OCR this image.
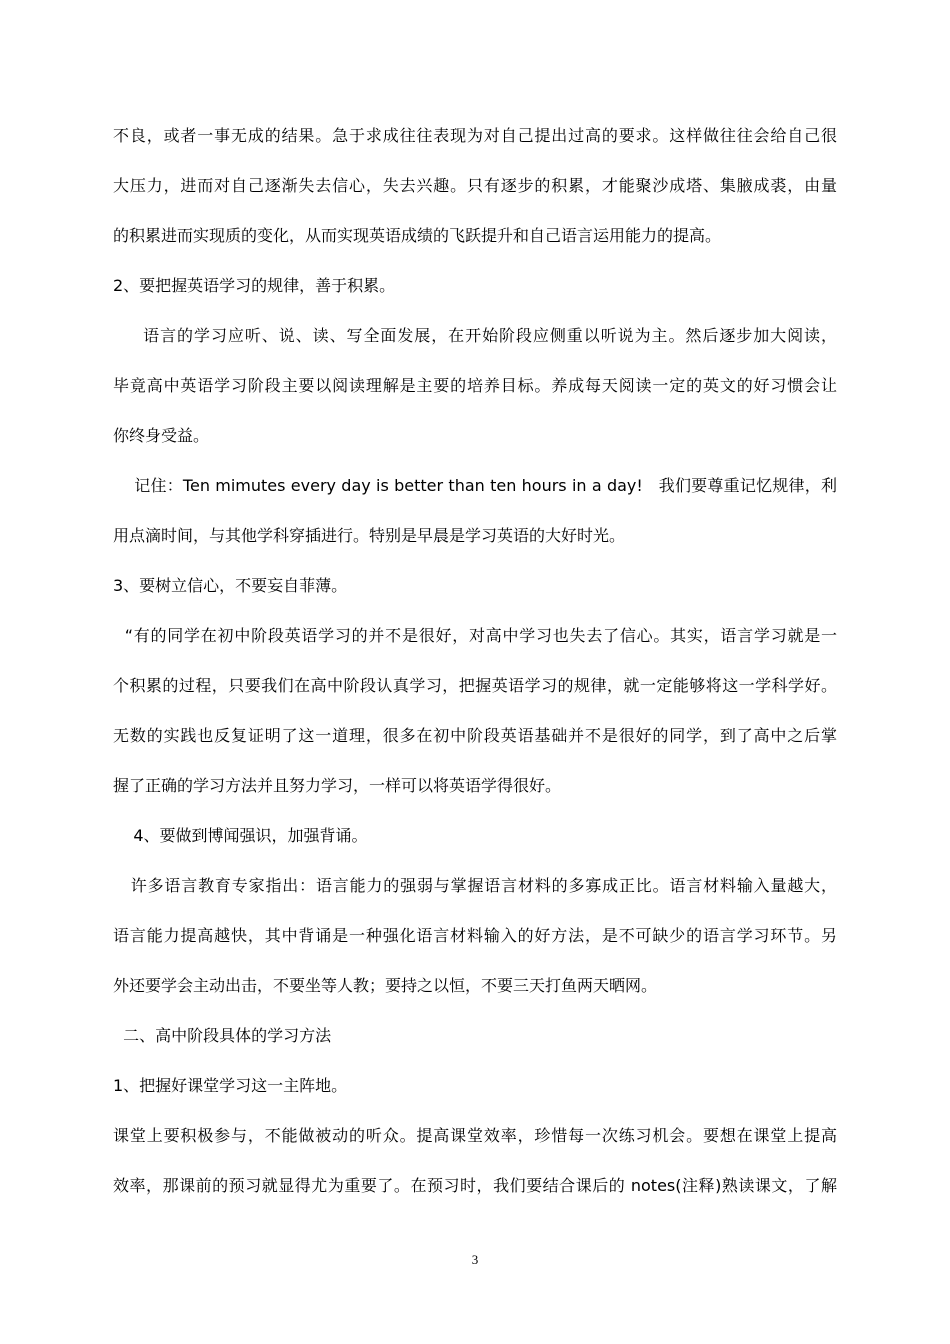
不良，或者一事无成的结果。急于求成往往表现为对自己提出过高的要求。这样做往往会给自己很
大压力，进而对自己逐渐失去信心，失去兴趣。只有逐步的积累，才能聚沙成塔、集腋成裘，由量
的积累进而实现质的变化，从而实现英语成绩的飞跃提升和自己语言运用能力的提高。
2、要把握英语学习的规律，善于积累。
语言的学习应听、说、读、写全面发展，在开始阶段应侧重以听说为主。然后逐步加大阅读，
毕竟高中英语学习阶段主要以阅读理解是主要的培养目标。养成每天阅读一定的英文的好习惯会让
你终身受益。
记住：Ten mimutes every day is better than ten hours in a day!   我们要尊重记忆规律，利
用点滴时间，与其他学科穿插进行。特别是早晨是学习英语的大好时光。
3、要树立信心，不要妄自菲薄。
“有的同学在初中阶段英语学习的并不是很好，对高中学习也失去了信心。其实，语言学习就是一
个积累的过程，只要我们在高中阶段认真学习，把握英语学习的规律，就一定能够将这一学科学好。
无数的实践也反复证明了这一道理，很多在初中阶段英语基础并不是很好的同学，到了高中之后掌
握了正确的学习方法并且努力学习，一样可以将英语学得很好。
4、要做到博闻强识，加强背诵。
许多语言教育专家指出：语言能力的强弱与掌握语言材料的多寡成正比。语言材料输入量越大，
语言能力提高越快，其中背诵是一种强化语言材料输入的好方法，是不可缺少的语言学习环节。另
外还要学会主动出击，不要坐等人教；要持之以恒，不要三天打鱼两天晒网。
二、高中阶段具体的学习方法
1、把握好课堂学习这一主阵地。
课堂上要积极参与，不能做被动的听众。提高课堂效率，珍惜每一次练习机会。要想在课堂上提高
效率，那课前的预习就显得尤为重要了。在预习时，我们要结合课后的 notes(注释)熟读课文，了解
3
